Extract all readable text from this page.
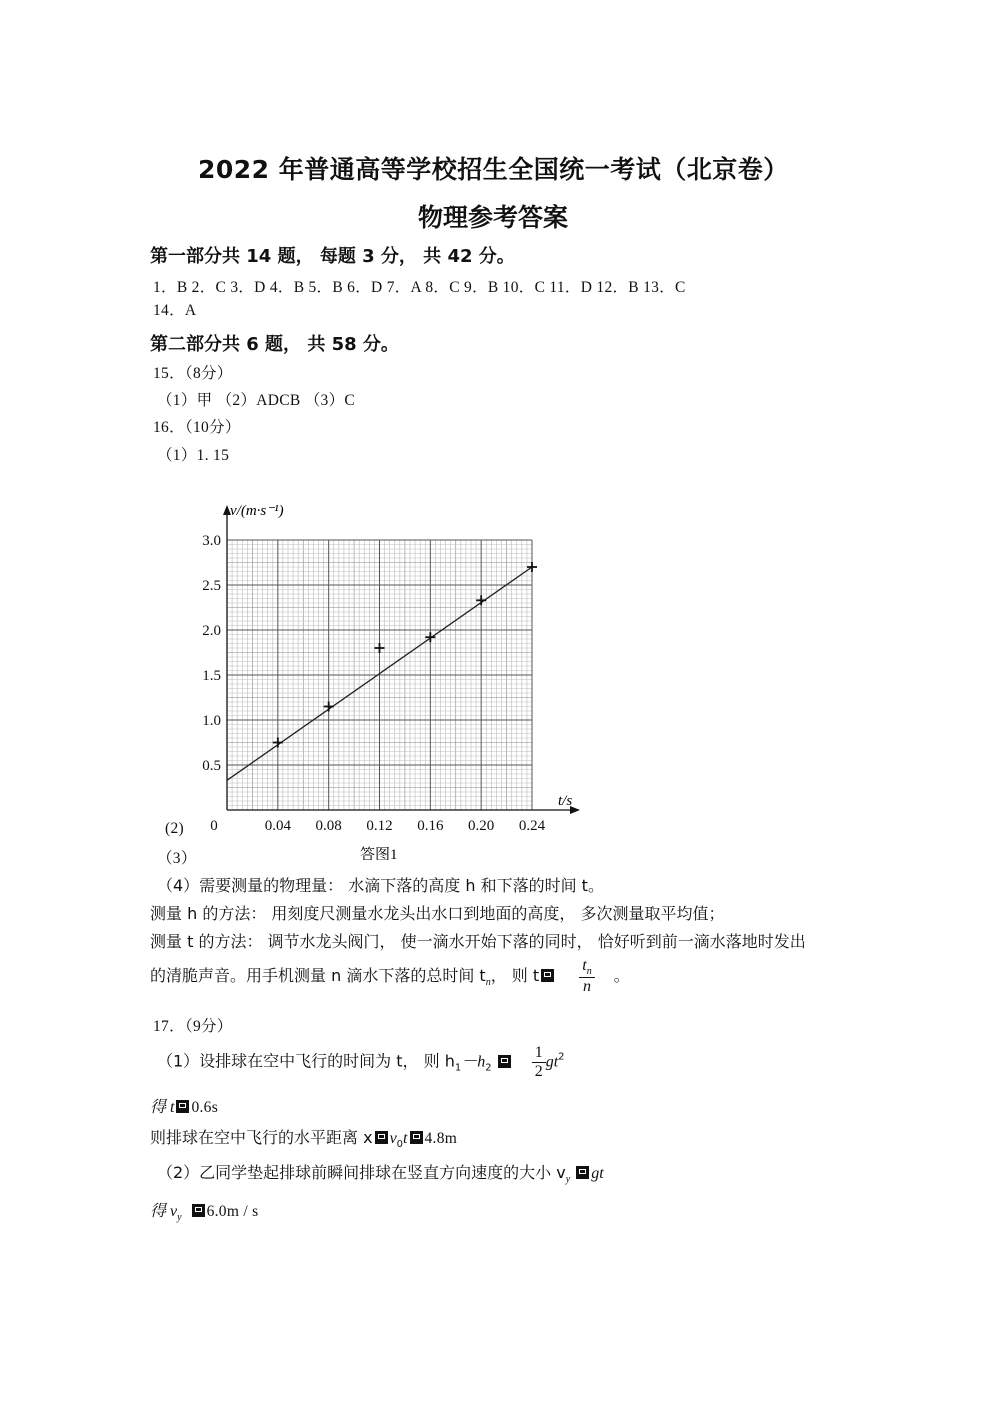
2022 年普通高等学校招生全国统一考试（北京卷）
物理参考答案
第一部分共 14 题， 每题 3 分， 共 42 分。
1．B 2．C 3．D 4．B 5．B 6．D 7．A 8．C 9．B 10．C 11．D 12．B 13．C
14．A
第二部分共 6 题， 共 58 分。
15．（8分）
（1）甲 （2）ADCB （3）C
16．（10分）
（1）1. 15
0.5
1.0
1.5
2.0
2.5
3.0
0	0.04 0.08 0.12 0.16 0.20 0.24
v/(m·s⁻¹)
t/s
答图1
(2)
（3）
（4）需要测量的物理量： 水滴下落的高度 h 和下落的时间 t。
测量 h 的方法： 用刻度尺测量水龙头出水口到地面的高度， 多次测量取平均值；
测量 t 的方法： 调节水龙头阀门， 使一滴水开始下落的同时， 恰好听到前一滴水落地时发出
的清脆声音。用手机测量 n 滴水下落的总时间 $t_n$， 则 t	$\frac{t_n}{n}$ 。
17．（9分）
（1）设排球在空中飞行的时间为 t， 则 $h_1-h_2$	$\frac{1}{2} gt^2$
得 t 0.6s
则排球在空中飞行的水平距离 x $v_0t$ 4.8m
（2）乙同学垫起排球前瞬间排球在竖直方向速度的大小 $v_y$ gt
得 $v_y$ 6.0m / s
